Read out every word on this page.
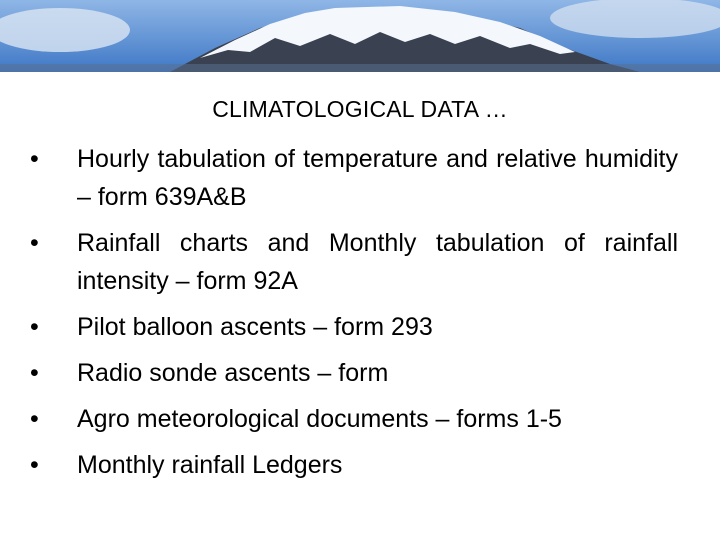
CLIMATOLOGICAL DATA …
•	Hourly tabulation of temperature and relative humidity – form 639A&B
•	Rainfall charts and Monthly tabulation of rainfall intensity – form 92A
•	Pilot balloon ascents – form 293
•	Radio sonde ascents – form
•	Agro meteorological documents – forms 1-5
•	Monthly rainfall Ledgers
